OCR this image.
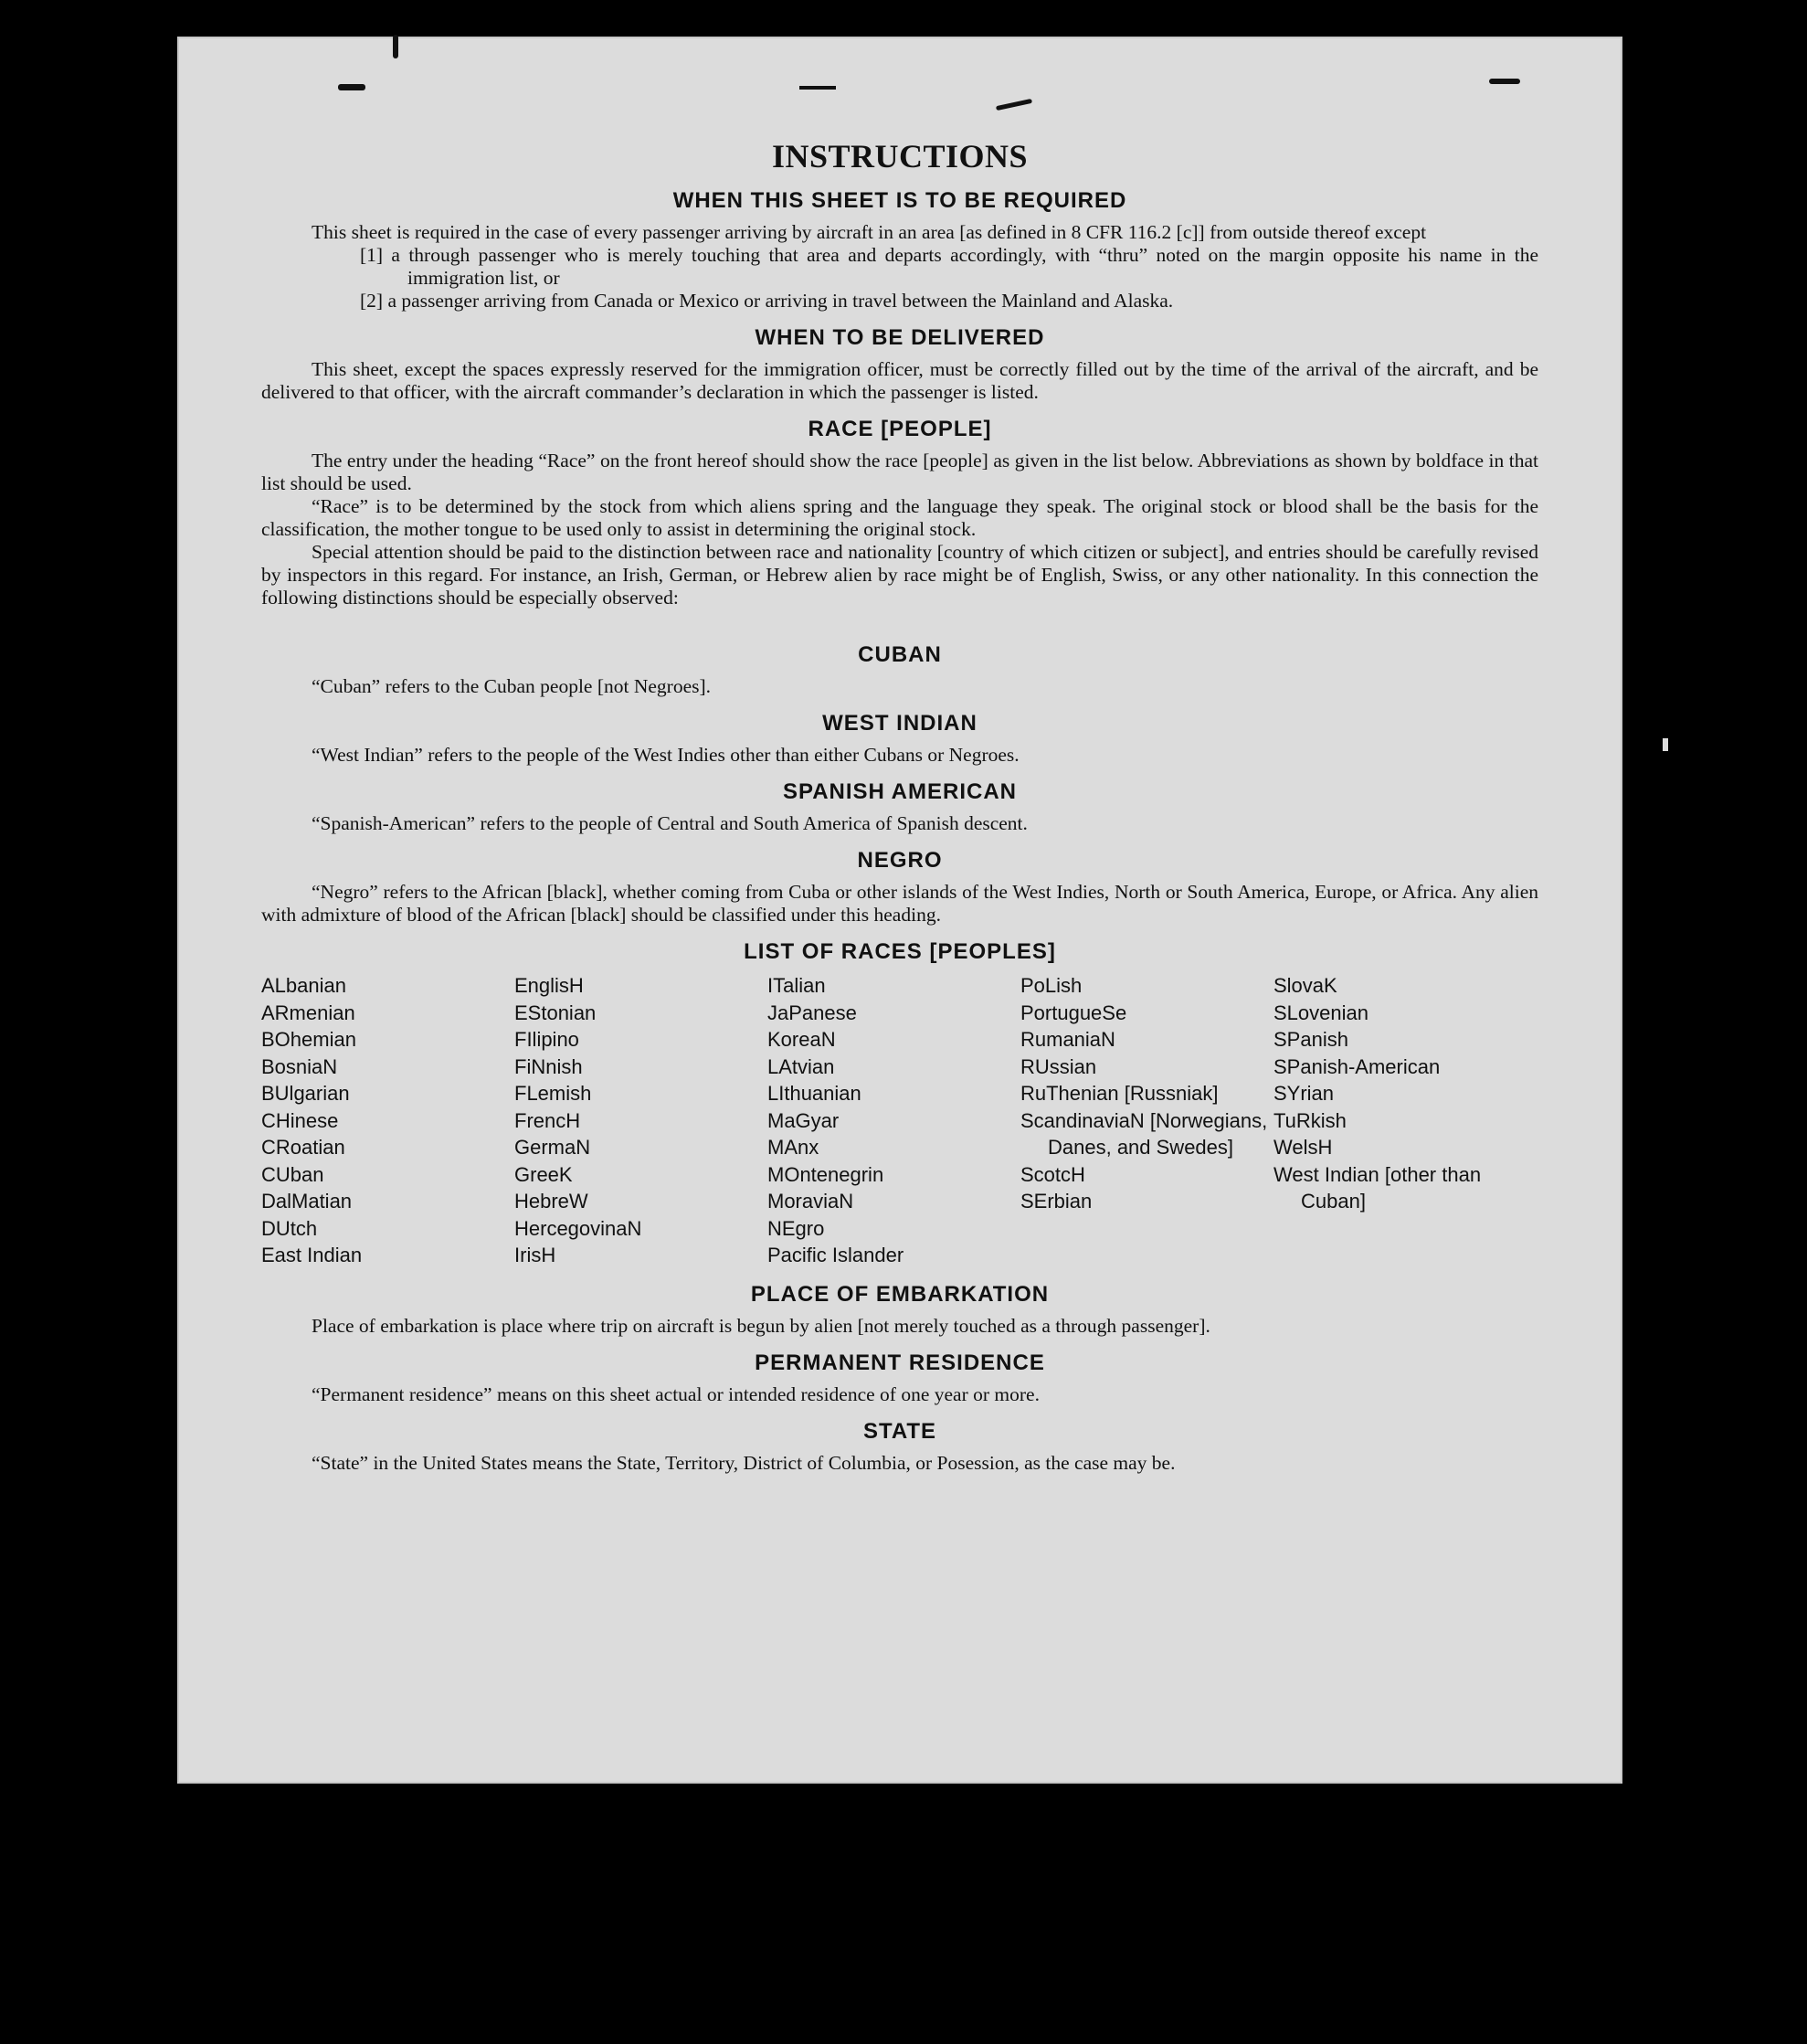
INSTRUCTIONS
WHEN THIS SHEET IS TO BE REQUIRED

This sheet is required in the case of every passenger arriving by aircraft in an area [as defined in 8 CFR 116.2 [c]] from outside thereof except

[1] a through passenger who is merely touching that area and departs accordingly, with “thru” noted on the margin opposite his name in the immigration list, or

[2] a passenger arriving from Canada or Mexico or arriving in travel between the Mainland and Alaska.

WHEN TO BE DELIVERED

This sheet, except the spaces expressly reserved for the immigration officer, must be correctly filled out by the time of the arrival of the aircraft, and be delivered to that officer, with the aircraft commander’s declaration in which the passenger is listed.

RACE [PEOPLE]

The entry under the heading “Race” on the front hereof should show the race [people] as given in the list below. Abbreviations as shown by boldface in that list should be used.

“Race” is to be determined by the stock from which aliens spring and the language they speak. The original stock or blood shall be the basis for the classification, the mother tongue to be used only to assist in determining the original stock.

Special attention should be paid to the distinction between race and nationality [country of which citizen or subject], and entries should be carefully revised by inspectors in this regard. For instance, an Irish, German, or Hebrew alien by race might be of English, Swiss, or any other nationality. In this connection the following distinctions should be especially observed:

CUBAN

“Cuban” refers to the Cuban people [not Negroes].

WEST INDIAN

“West Indian” refers to the people of the West Indies other than either Cubans or Negroes.

SPANISH AMERICAN

“Spanish-American” refers to the people of Central and South America of Spanish descent.

NEGRO

“Negro” refers to the African [black], whether coming from Cuba or other islands of the West Indies, North or South America, Europe, or Africa. Any alien with admixture of blood of the African [black] should be classified under this heading.

LIST OF RACES [PEOPLES]
ALbanian
ARmenian
BOhemian
BosniaN
BUlgarian
CHinese
CRoatian
CUban
DalMatian
DUtch
East Indian
EnglisH
EStonian
FIlipino
FiNnish
FLemish
FrencH
GermaN
GreeK
HebreW
HercegovinaN
IrisH
ITalian
JaPanese
KoreaN
LAtvian
LIthuanian
MaGyar
MAnx
MOntenegrin
MoraviaN
NEgro
Pacific Islander
PoLish
PortugueSe
RumaniaN
RUssian
RuThenian [Russniak]
ScandinaviaN [Norwegians, Danes, and Swedes]
ScotcH
SErbian
SlovaK
SLovenian
SPanish
SPanish-American
SYrian
TuRkish
WelsH
West Indian [other than Cuban]
PLACE OF EMBARKATION

Place of embarkation is place where trip on aircraft is begun by alien [not merely touched as a through passenger].

PERMANENT RESIDENCE

“Permanent residence” means on this sheet actual or intended residence of one year or more.

STATE

“State” in the United States means the State, Territory, District of Columbia, or Posession, as the case may be.
